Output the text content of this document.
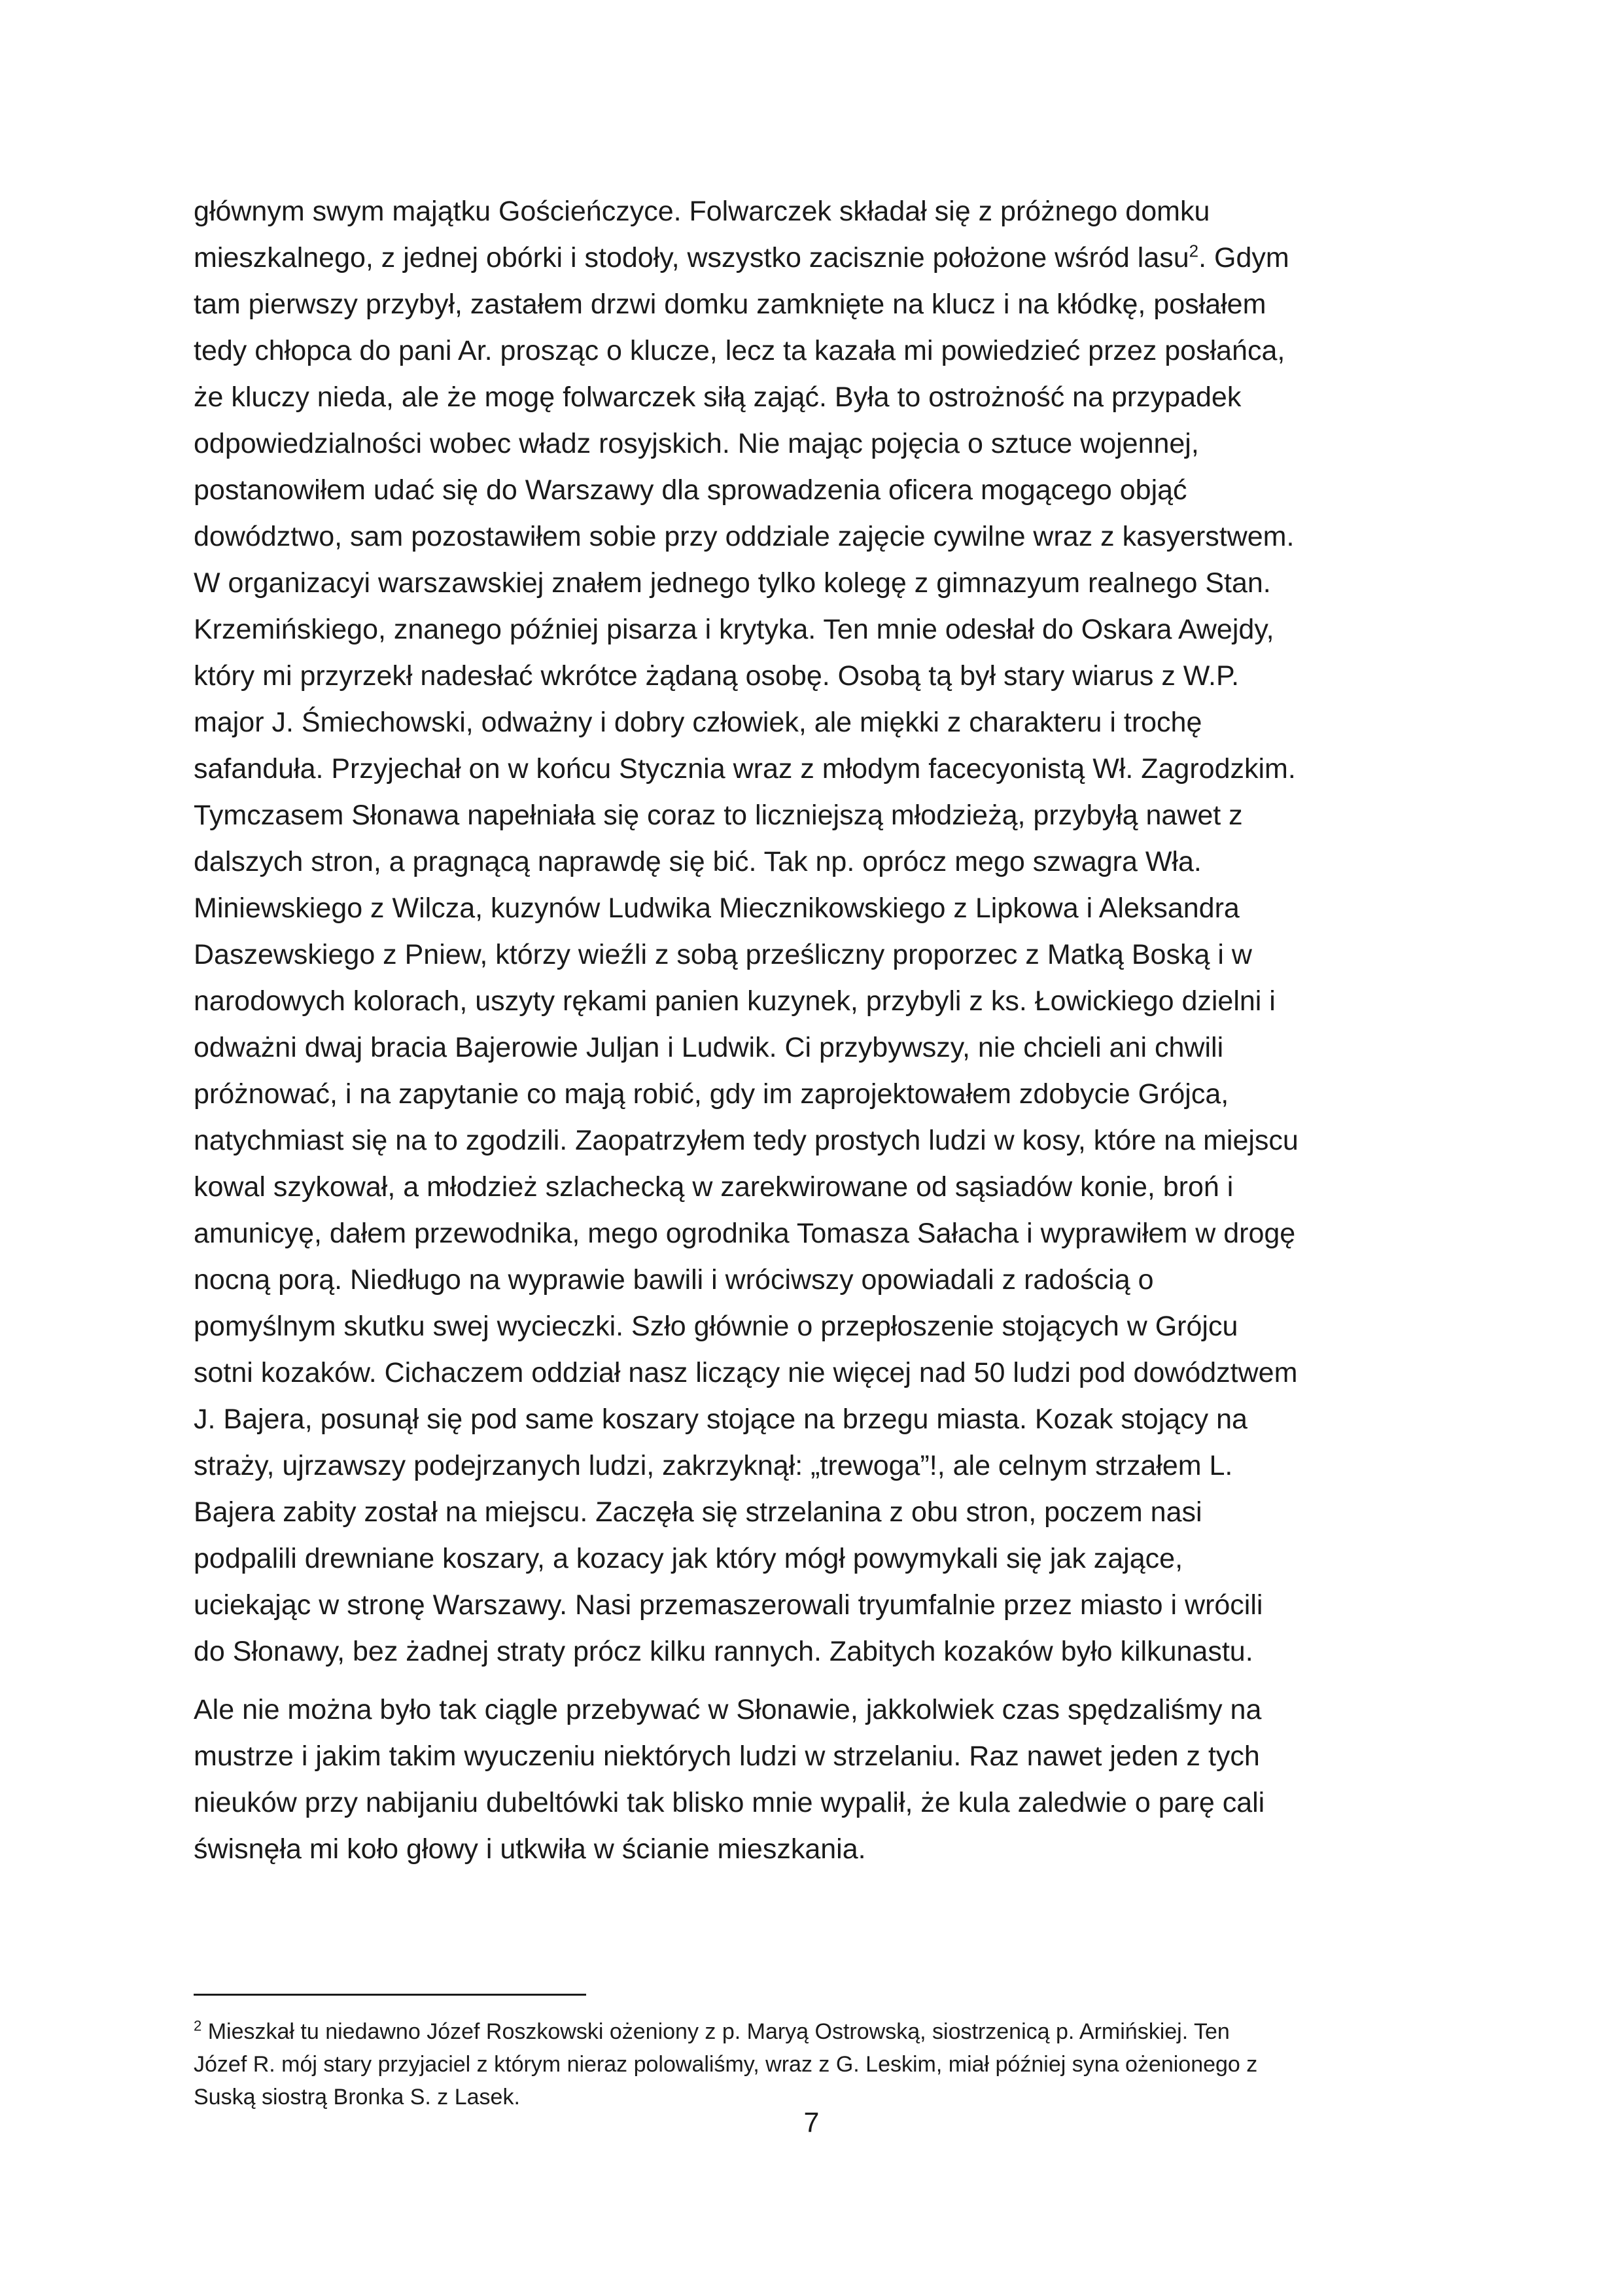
głównym swym majątku Gościeńczyce. Folwarczek składał się z próżnego domku
mieszkalnego, z jednej obórki i stodoły, wszystko zacisznie położone wśród lasu$^2$. Gdym
tam pierwszy przybył, zastałem drzwi domku zamknięte na klucz i na kłódkę, posłałem
tedy chłopca do pani Ar. prosząc o klucze, lecz ta kazała mi powiedzieć przez posłańca,
że kluczy nieda, ale że mogę folwarczek siłą zająć. Była to ostrożność na przypadek
odpowiedzialności wobec władz rosyjskich. Nie mając pojęcia o sztuce wojennej,
postanowiłem udać się do Warszawy dla sprowadzenia oficera mogącego objąć
dowództwo, sam pozostawiłem sobie przy oddziale zajęcie cywilne wraz z kasyerstwem.
W organizacyi warszawskiej znałem jednego tylko kolegę z gimnazyum realnego Stan.
Krzemińskiego, znanego później pisarza i krytyka. Ten mnie odesłał do Oskara Awejdy,
który mi przyrzekł nadesłać wkrótce żądaną osobę. Osobą tą był stary wiarus z W.P.
major J. Śmiechowski, odważny i dobry człowiek, ale miękki z charakteru i trochę
safanduła. Przyjechał on w końcu Stycznia wraz z młodym facecyonistą Wł. Zagrodzkim.
Tymczasem Słonawa napełniała się coraz to liczniejszą młodzieżą, przybyłą nawet z
dalszych stron, a pragnącą naprawdę się bić. Tak np. oprócz mego szwagra Wła.
Miniewskiego z Wilcza, kuzynów Ludwika Miecznikowskiego z Lipkowa i Aleksandra
Daszewskiego z Pniew, którzy wieźli z sobą prześliczny proporzec z Matką Boską i w
narodowych kolorach, uszyty rękami panien kuzynek, przybyli z ks. Łowickiego dzielni i
odważni dwaj bracia Bajerowie Juljan i Ludwik. Ci przybywszy, nie chcieli ani chwili
próżnować, i na zapytanie co mają robić, gdy im zaprojektowałem zdobycie Grójca,
natychmiast się na to zgodzili. Zaopatrzyłem tedy prostych ludzi w kosy, które na miejscu
kowal szykował, a młodzież szlachecką w zarekwirowane od sąsiadów konie, broń i
amunicyę, dałem przewodnika, mego ogrodnika Tomasza Sałacha i wyprawiłem w drogę
nocną porą. Niedługo na wyprawie bawili i wróciwszy opowiadali z radością o
pomyślnym skutku swej wycieczki. Szło głównie o przepłoszenie stojących w Grójcu
sotni kozaków. Cichaczem oddział nasz liczący nie więcej nad 50 ludzi pod dowództwem
J. Bajera, posunął się pod same koszary stojące na brzegu miasta. Kozak stojący na
straży, ujrzawszy podejrzanych ludzi, zakrzyknął: „trewoga”!, ale celnym strzałem L.
Bajera zabity został na miejscu. Zaczęła się strzelanina z obu stron, poczem nasi
podpalili drewniane koszary, a kozacy jak który mógł powymykali się jak zające,
uciekając w stronę Warszawy. Nasi przemaszerowali tryumfalnie przez miasto i wrócili
do Słonawy, bez żadnej straty prócz kilku rannych. Zabitych kozaków było kilkunastu.

Ale nie można było tak ciągle przebywać w Słonawie, jakkolwiek czas spędzaliśmy na
mustrze i jakim takim wyuczeniu niektórych ludzi w strzelaniu. Raz nawet jeden z tych
nieuków przy nabijaniu dubeltówki tak blisko mnie wypalił, że kula zaledwie o parę cali
świsnęła mi koło głowy i utkwiła w ścianie mieszkania.

$^2$ Mieszkał tu niedawno Józef Roszkowski ożeniony z p. Maryą Ostrowską, siostrzenicą p. Armińskiej. Ten
Józef R. mój stary przyjaciel z którym nieraz polowaliśmy, wraz z G. Leskim, miał później syna ożenionego z
Suską siostrą Bronka S. z Lasek.

7
